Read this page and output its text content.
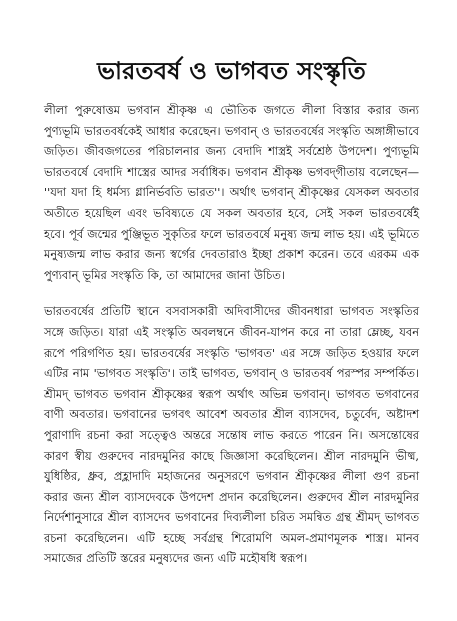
ভারতবর্ষ ও ভাগবত সংস্কৃতি

লীলা পুরুষোত্তম ভগবান শ্রীকৃষ্ণ এ ভৌতিক জগতে লীলা বিস্তার করার জন্য পুণ্যভূমি ভারতবর্ষকেই আধার করেছেন। ভগবান্ ও ভারতবর্ষের সংস্কৃতি অঙ্গাঙ্গীভাবে জড়িত। জীবজগতের পরিচালনার জন্য বেদাদি শাস্ত্রই সর্বশ্রেষ্ঠ উপদেশ। পুণ্যভূমি ভারতবর্ষে বেদাদি শাস্ত্রের আদর সর্বাধিক। ভগবান শ্রীকৃষ্ণ ভগবদ্‌গীতায় বলেছেন— ''যদা যদা হি ধর্মস্য গ্লানির্ভবতি ভারত''। অর্থাৎ ভগবান্ শ্রীকৃষ্ণের যেসকল অবতার অতীতে হয়েছিল এবং ভবিষ্যতে যে সকল অবতার হবে, সেই সকল ভারতবর্ষেই হবে। পূর্ব জন্মের পুঞ্জিভূত সুকৃতির ফলে ভারতবর্ষে মনুষ্য জন্ম লাভ হয়। এই ভূমিতে মনুষ্যজন্ম লাভ করার জন্য স্বর্গের দেবতারাও ইচ্ছা প্রকাশ করেন। তবে এরকম এক পুণ্যবান্ ভূমির সংস্কৃতি কি, তা আমাদের জানা উচিত।

ভারতবর্ষের প্রতিটি স্থানে বসবাসকারী অদিবাসীদের জীবনধারা ভাগবত সংস্কৃতির সঙ্গে জড়িত। যারা এই সংস্কৃতি অবলম্বনে জীবন-যাপন করে না তারা ম্লেচ্ছ, যবন রূপে পরিগণিত হয়। ভারতবর্ষের সংস্কৃতি 'ভাগবত' এর সঙ্গে জড়িত হওয়ার ফলে এটির নাম 'ভাগবত সংস্কৃতি'। তাই ভাগবত, ভগবান্ ও ভারতবর্ষ পরস্পর সম্পর্কিত। শ্রীমদ্ ভাগবত ভগবান শ্রীকৃষ্ণের স্বরূপ অর্থাৎ অভিন্ন ভগবান্। ভাগবত ভগবানের বাণী অবতার। ভগবানের ভগবৎ আবেশ অবতার শ্রীল ব্যাসদেব, চতুর্বেদ, অষ্টাদশ পুরাণাদি রচনা করা সত্ত্বেও অন্তরে সন্তোষ লাভ করতে পারেন নি। অসন্তোষের কারণ স্বীয় গুরুদেব নারদমুনির কাছে জিজ্ঞাসা করেছিলেন। শ্রীল নারদমুনি ভীষ্ম, যুধিষ্ঠির, ধ্রুব, প্রহ্লাদাদি মহাজনের অনুসরণে ভগবান শ্রীকৃষ্ণের লীলা গুণ রচনা করার জন্য শ্রীল ব্যাসদেবকে উপদেশ প্রদান করেছিলেন। গুরুদেব শ্রীল নারদমুনির নির্দেশানুসারে শ্রীল ব্যাসদেব ভগবানের দিব্যলীলা চরিত সমন্বিত গ্রন্থ শ্রীমদ্ ভাগবত রচনা করেছিলেন। এটি হচ্ছে সর্বগ্রন্থ শিরোমণি অমল-প্রমাণমূলক শাস্ত্র। মানব সমাজের প্রতিটি স্তরের মনুষ্যদের জন্য এটি মহৌষধি স্বরূপ।
